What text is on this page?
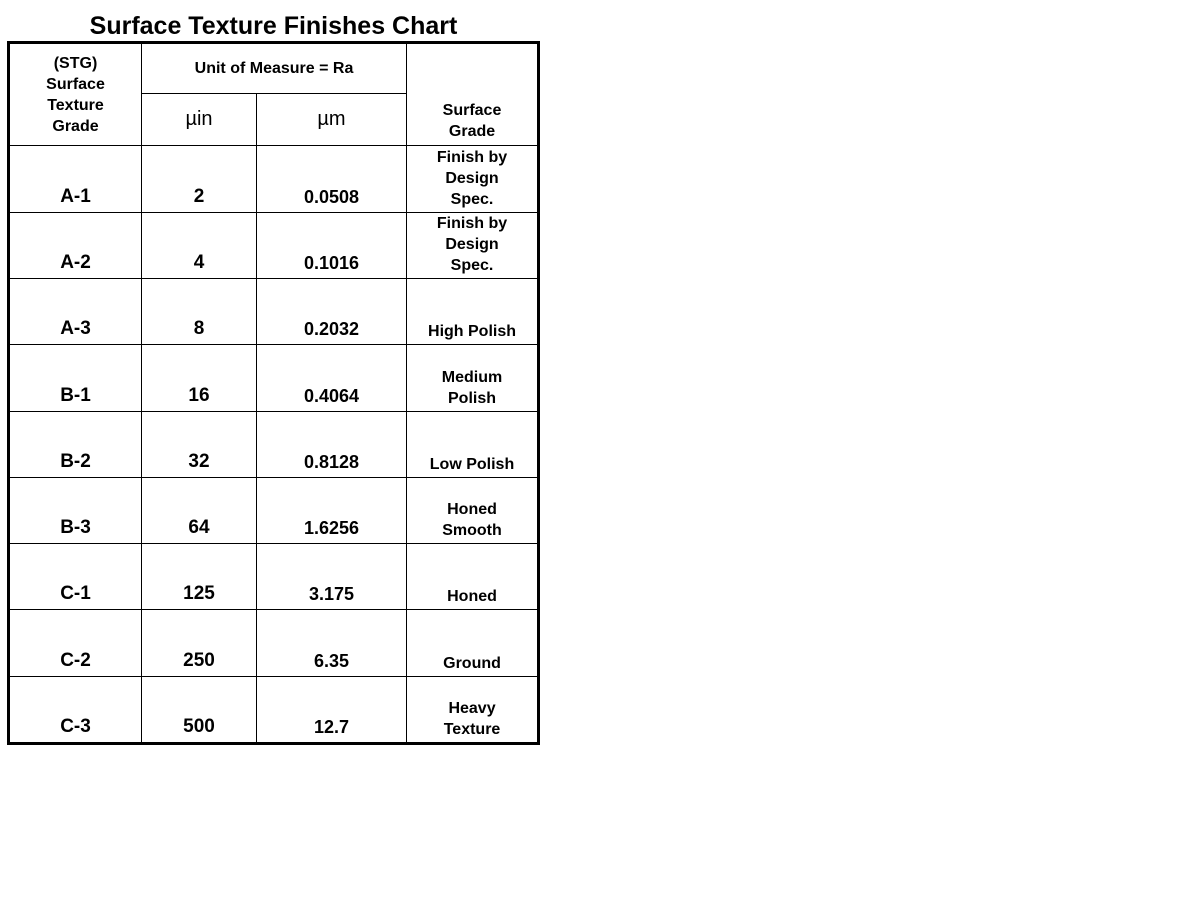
Surface Texture Finishes Chart
(STG)
Surface
Texture
Grade	Unit of Measure = Ra		Surface
Grade
	µin	µm	
A-1	2	0.0508	Finish by
Design
Spec.
A-2	4	0.1016	Finish by
Design
Spec.
A-3	8	0.2032	High Polish
B-1	16	0.4064	Medium
Polish
B-2	32	0.8128	Low Polish
B-3	64	1.6256	Honed
Smooth
C-1	125	3.175	Honed
C-2	250	6.35	Ground
C-3	500	12.7	Heavy
Texture
